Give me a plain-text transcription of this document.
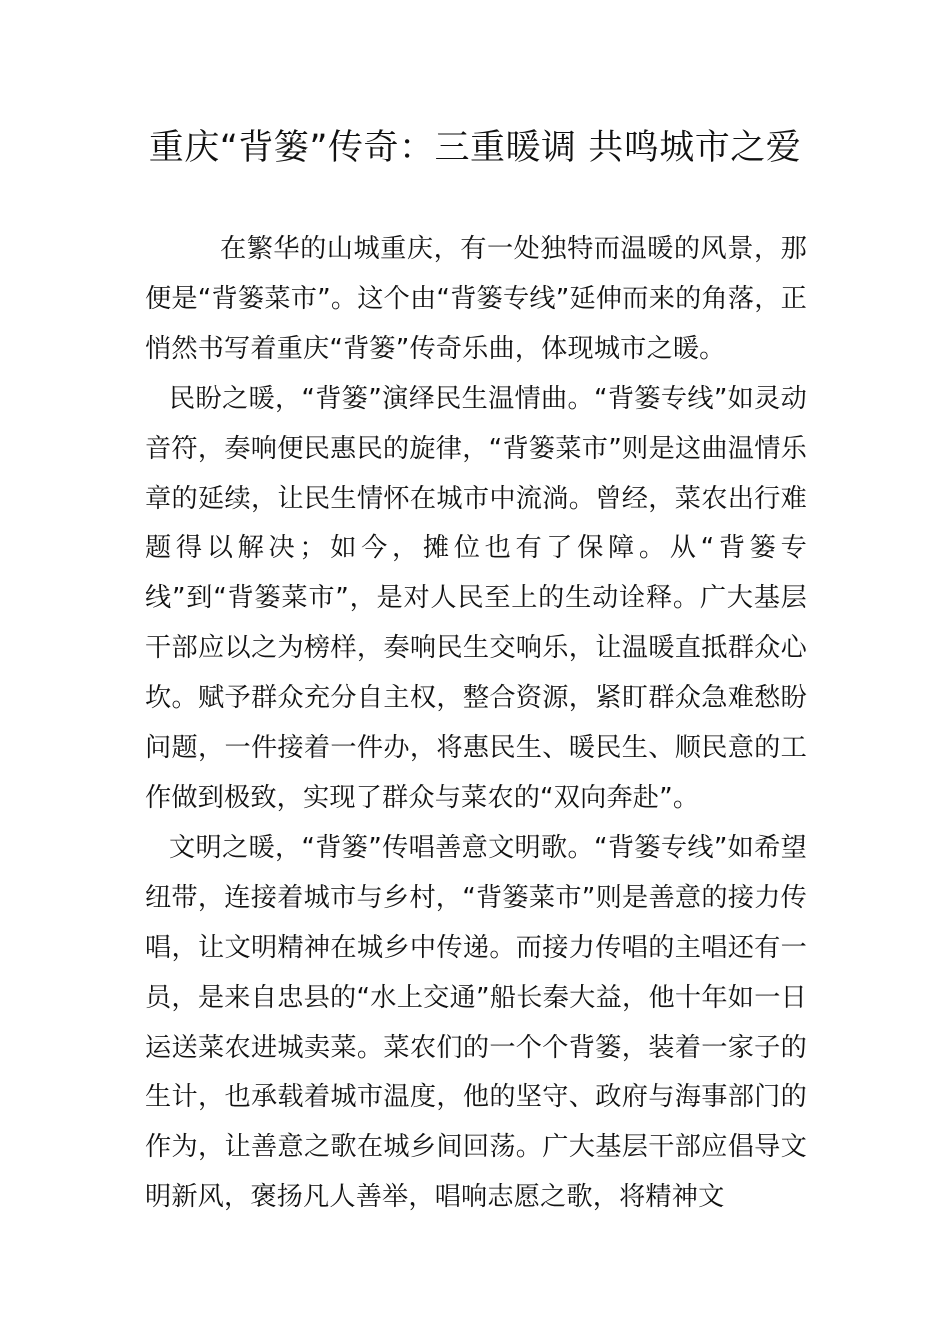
重庆“背篓”传奇：三重暖调 共鸣城市之爱

在繁华的山城重庆，有一处独特而温暖的风景，那便是“背篓菜市”。这个由“背篓专线”延伸而来的角落，正悄然书写着重庆“背篓”传奇乐曲，体现城市之暖。

民盼之暖，“背篓”演绎民生温情曲。“背篓专线”如灵动音符，奏响便民惠民的旋律，“背篓菜市”则是这曲温情乐章的延续，让民生情怀在城市中流淌。曾经，菜农出行难题得以解决；如今，摊位也有了保障。从“背篓专线”到“背篓菜市”，是对人民至上的生动诠释。广大基层干部应以之为榜样，奏响民生交响乐，让温暖直抵群众心坎。赋予群众充分自主权，整合资源，紧盯群众急难愁盼问题，一件接着一件办，将惠民生、暖民生、顺民意的工作做到极致，实现了群众与菜农的“双向奔赴”。

文明之暖，“背篓”传唱善意文明歌。“背篓专线”如希望纽带，连接着城市与乡村，“背篓菜市”则是善意的接力传唱，让文明精神在城乡中传递。而接力传唱的主唱还有一员，是来自忠县的“水上交通”船长秦大益，他十年如一日运送菜农进城卖菜。菜农们的一个个背篓，装着一家子的生计，也承载着城市温度，他的坚守、政府与海事部门的作为，让善意之歌在城乡间回荡。广大基层干部应倡导文明新风，褒扬凡人善举，唱响志愿之歌，将精神文
